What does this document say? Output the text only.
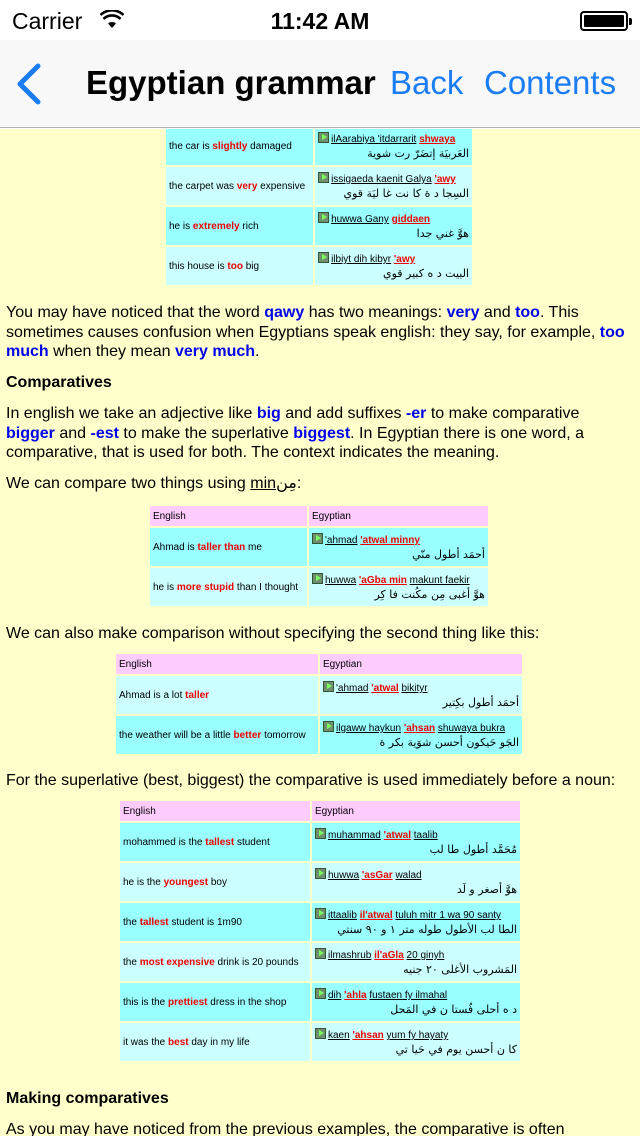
Carrier	11:42 AM
Egyptian grammar Back Contents
the car is slightly damaged	ilAarabiya 'itdarrarit shwaya
العَربيَة إتضَرّ رت شوية

the carpet was very expensive	issigaeda kaenit Galya 'awy
السِجا د ة كا نت غا ليَة قوي

he is extremely rich	huwwa Gany giddaen
هوَّ غني جدا

this house is too big	ilbiyt dih kibyr 'awy
البيت د ه كبير قوي
You may have noticed that the word qawy has two meanings: very and too. This sometimes causes confusion when Egyptians speak english: they say, for example, too much when they mean very much.
Comparatives
In english we take an adjective like big and add suffixes -er to make comparative bigger and -est to make the superlative biggest. In Egyptian there is one word, a comparative, that is used for both. The context indicates the meaning.
We can compare two things using minمِن:
English	Egyptian
Ahmad is taller than me	'ahmad 'atwal minny
أحمَد أطول منّي

he is more stupid than I thought	huwwa 'aGba min makunt faekir
هوَّ أغبى مِن مكُنت فا كِر
We can also make comparison without specifying the second thing like this:
English	Egyptian
Ahmad is a lot taller	'ahmad 'atwal bikityr
أحمَد أطول بكِتير

the weather will be a little better tomorrow	ilgaww haykun 'ahsan shuwaya bukra
الجَو حَيكون أحسن شوَية بكر ة
For the superlative (best, biggest) the comparative is used immediately before a noun:
English	Egyptian
mohammed is the tallest student	muhammad 'atwal taalib
مُحَمَّد أطول طا لب

he is the youngest boy	huwwa 'asGar walad
هوَّ أصغر و لَد

the tallest student is 1m90	ittaalib il'atwal tuluh mitr 1 wa 90 santy
الطا لب الأطول طوله متر ١ و ٩٠ سنتي

the most expensive drink is 20 pounds	ilmashrub il'aGla 20 ginyh
المَشروب الأغلى ٢٠ جنيه

this is the prettiest dress in the shop	dih 'ahla fustaen fy ilmahal
د ه أحلى فُستا ن في المَحل

it was the best day in my life	kaen 'ahsan yum fy hayaty
كا ن أحسن يوم في حَيا تي
Making comparatives
As you may have noticed from the previous examples, the comparative is often
